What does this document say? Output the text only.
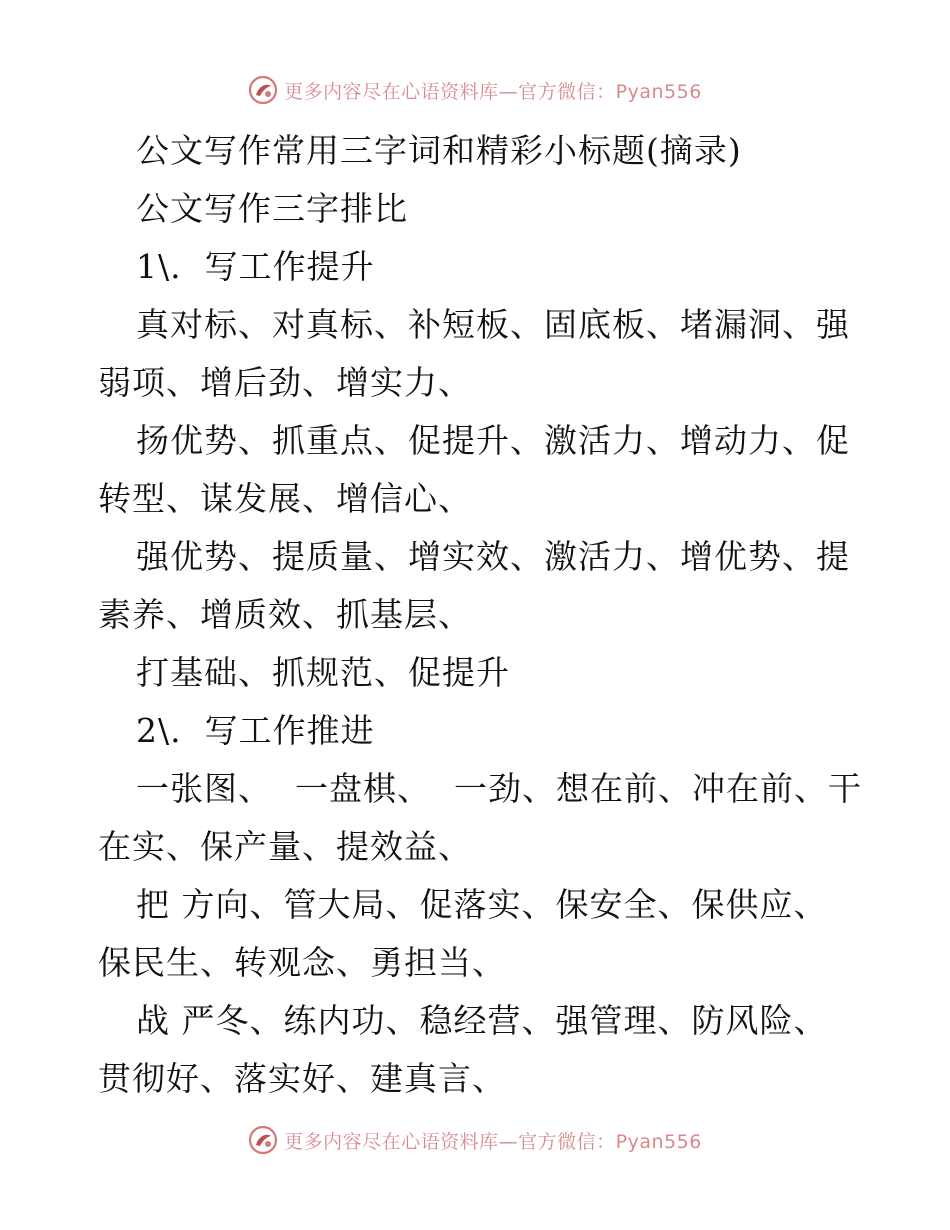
更多内容尽在心语资料库—官方微信：Pyan556
公文写作常用三字词和精彩小标题(摘录)
公文写作三字排比
1\.  写工作提升
真对标、对真标、补短板、固底板、堵漏洞、强
弱项、增后劲、增实力、
扬优势、抓重点、促提升、激活力、增动力、促
转型、谋发展、增信心、
强优势、提质量、增实效、激活力、增优势、提
素养、增质效、抓基层、
打基础、抓规范、促提升
2\.  写工作推进
一张图、  一盘棋、  一劲、想在前、冲在前、干
在实、保产量、提效益、
把 方向、管大局、促落实、保安全、保供应、
保民生、转观念、勇担当、
战 严冬、练内功、稳经营、强管理、防风险、
贯彻好、落实好、建真言、
更多内容尽在心语资料库—官方微信：Pyan556
